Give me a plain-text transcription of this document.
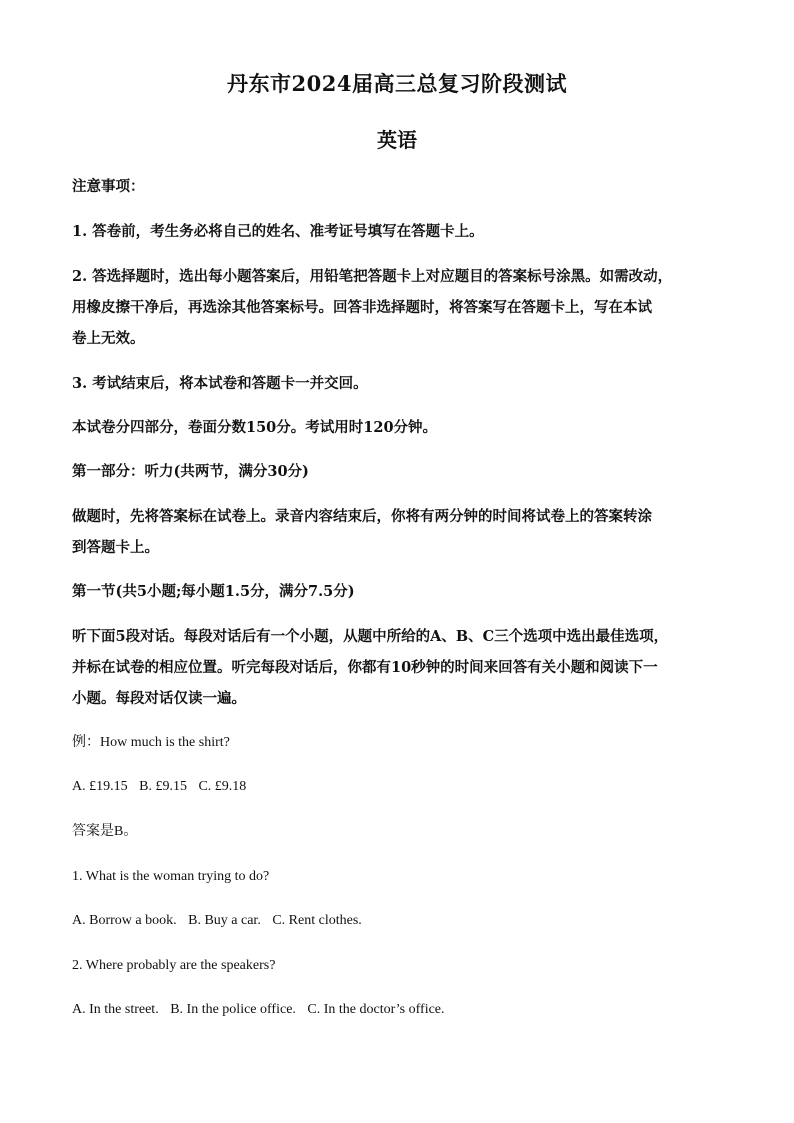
丹东市2024届高三总复习阶段测试
英语
注意事项：
1. 答卷前，考生务必将自己的姓名、准考证号填写在答题卡上。
2. 答选择题时，选出每小题答案后，用铅笔把答题卡上对应题目的答案标号涂黑。如需改动，
用橡皮擦干净后，再选涂其他答案标号。回答非选择题时，将答案写在答题卡上，写在本试
卷上无效。
3. 考试结束后，将本试卷和答题卡一并交回。
本试卷分四部分，卷面分数150分。考试用时120分钟。
第一部分：听力(共两节，满分30分)
做题时，先将答案标在试卷上。录音内容结束后，你将有两分钟的时间将试卷上的答案转涂
到答题卡上。
第一节(共5小题;每小题1.5分，满分7.5分)
听下面5段对话。每段对话后有一个小题，从题中所给的A、B、C三个选项中选出最佳选项，
并标在试卷的相应位置。听完每段对话后，你都有10秒钟的时间来回答有关小题和阅读下一
小题。每段对话仅读一遍。
例：How much is the shirt?
A. £19.15 B. £9.15 C. £9.18
答案是B。
1. What is the woman trying to do?
A. Borrow a book. B. Buy a car. C. Rent clothes.
2. Where probably are the speakers?
A. In the street. B. In the police office. C. In the doctor’s office.
